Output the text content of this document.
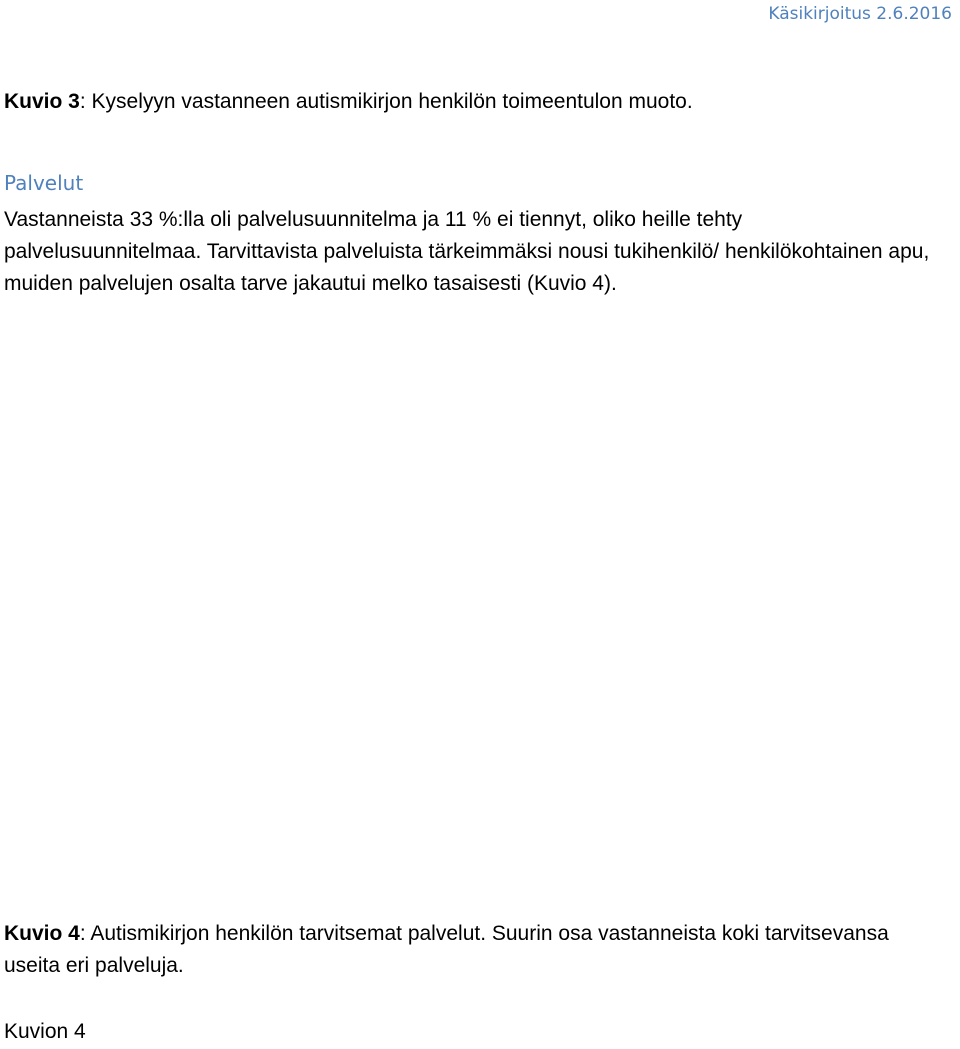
Käsikirjoitus 2.6.2016
Kuvio 3: Kyselyyn vastanneen autismikirjon henkilön toimeentulon muoto.
Palvelut
Vastanneista 33 %:lla oli palvelusuunnitelma ja 11 % ei tiennyt, oliko heille tehty palvelusuunnitelmaa. Tarvittavista palveluista tärkeimmäksi nousi tukihenkilö/ henkilökohtainen apu, muiden palvelujen osalta tarve jakautui melko tasaisesti (Kuvio 4).
Kuvio 4: Autismikirjon henkilön tarvitsemat palvelut. Suurin osa vastanneista koki tarvitsevansa useita eri palveluja.
Kuvion 4
